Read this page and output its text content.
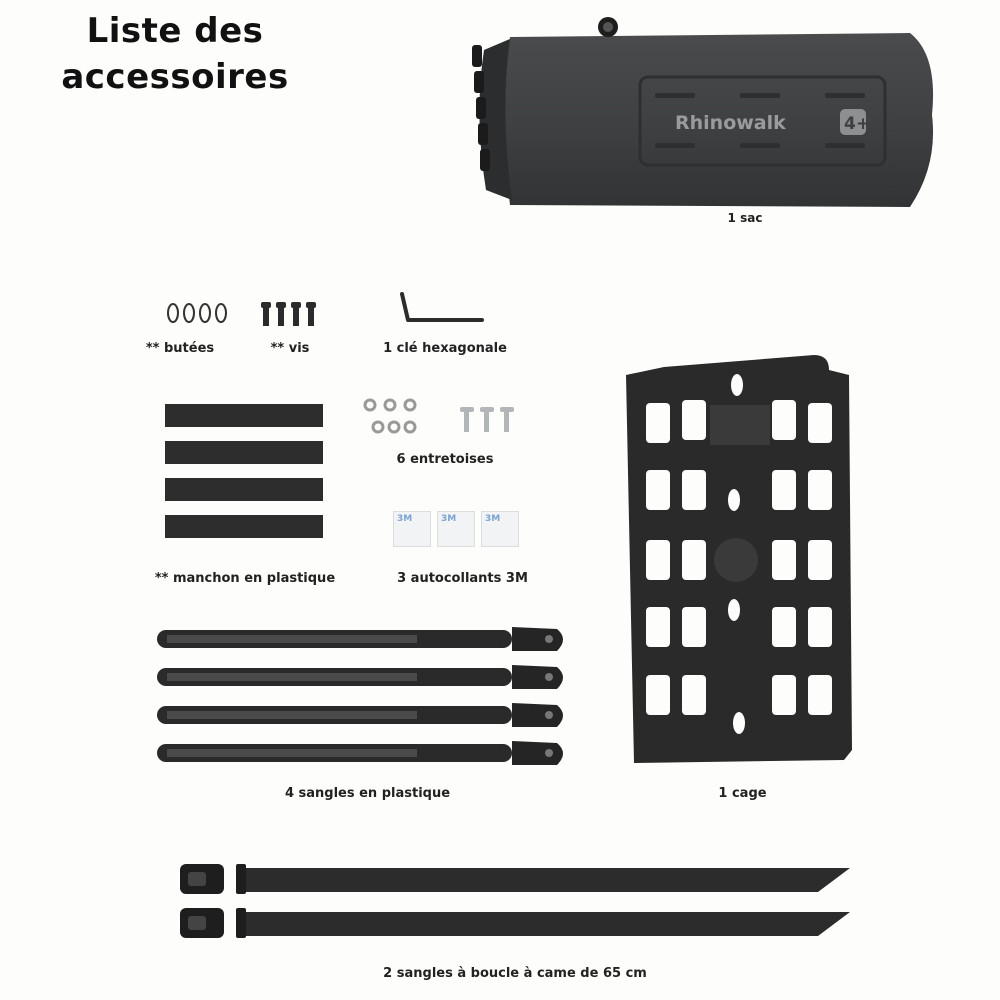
Liste des
accessoires
Rhinowalk	4+
1 sac
** butées	** vis	1 clé hexagonale
** manchon en plastique
6 entretoises
3M	3M	3M
3 autocollants 3M
1 cage
4 sangles en plastique
2 sangles à boucle à came de 65 cm
